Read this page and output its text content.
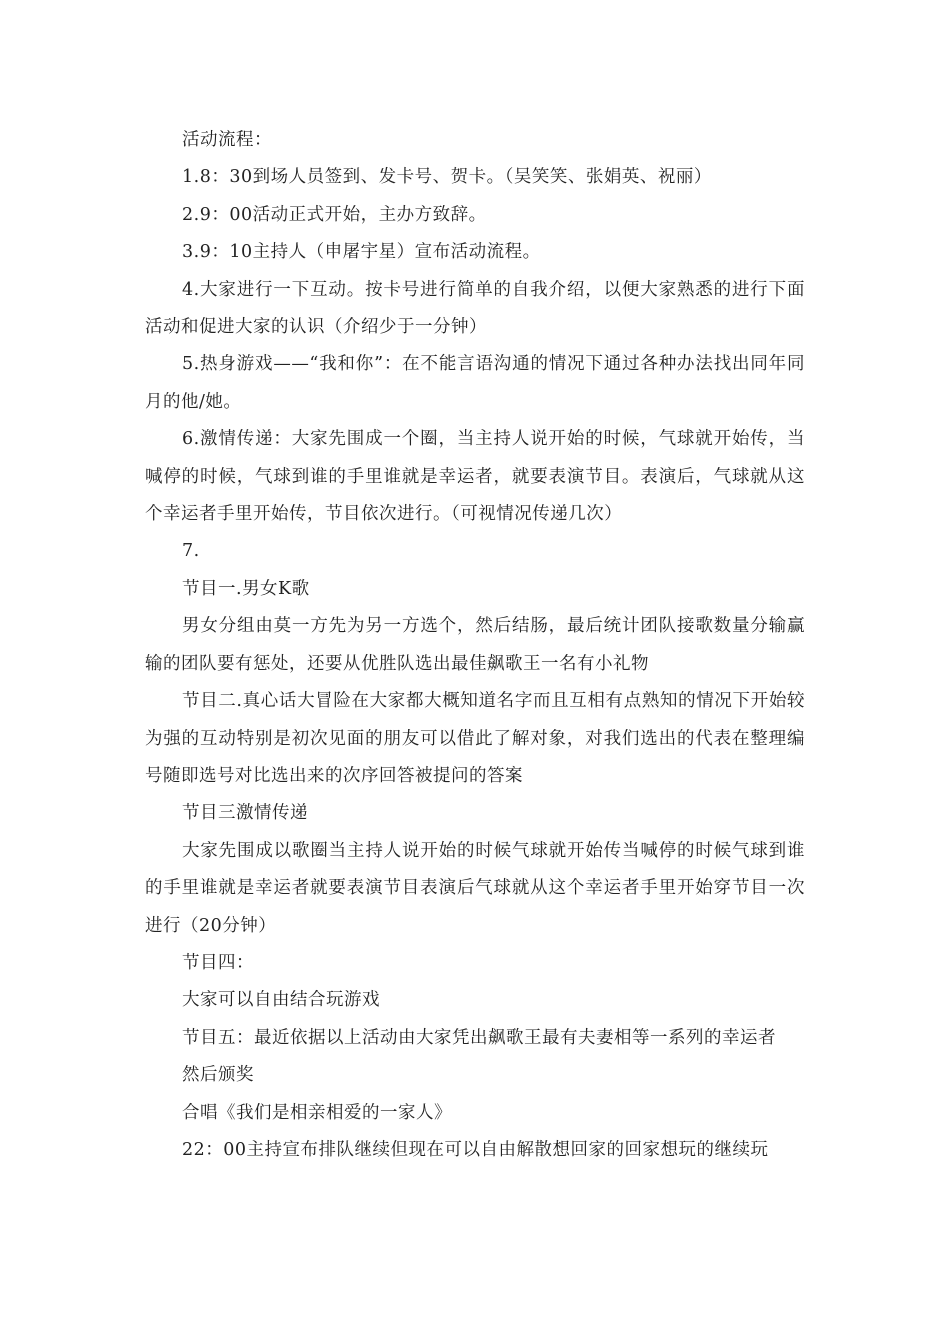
活动流程：

1.8：30到场人员签到、发卡号、贺卡。（吴笑笑、张娟英、祝丽）

2.9：00活动正式开始，主办方致辞。

3.9：10主持人（申屠宇星）宣布活动流程。

4.大家进行一下互动。按卡号进行简单的自我介绍，以便大家熟悉的进行下面活动和促进大家的认识（介绍少于一分钟）

5.热身游戏——“我和你”：在不能言语沟通的情况下通过各种办法找出同年同月的他/她。

6.激情传递：大家先围成一个圈，当主持人说开始的时候，气球就开始传，当喊停的时候，气球到谁的手里谁就是幸运者，就要表演节目。表演后，气球就从这个幸运者手里开始传，节目依次进行。（可视情况传递几次）

7.

节目一.男女K歌

男女分组由莫一方先为另一方选个，然后结肠，最后统计团队接歌数量分输赢输的团队要有惩处，还要从优胜队选出最佳飙歌王一名有小礼物

节目二.真心话大冒险在大家都大概知道名字而且互相有点熟知的情况下开始较为强的互动特别是初次见面的朋友可以借此了解对象，对我们选出的代表在整理编号随即选号对比选出来的次序回答被提问的答案

节目三激情传递

大家先围成以歌圈当主持人说开始的时候气球就开始传当喊停的时候气球到谁的手里谁就是幸运者就要表演节目表演后气球就从这个幸运者手里开始穿节目一次进行（20分钟）

节目四：

大家可以自由结合玩游戏

节目五：最近依据以上活动由大家凭出飙歌王最有夫妻相等一系列的幸运者

然后颁奖

合唱《我们是相亲相爱的一家人》

22：00主持宣布排队继续但现在可以自由解散想回家的回家想玩的继续玩
